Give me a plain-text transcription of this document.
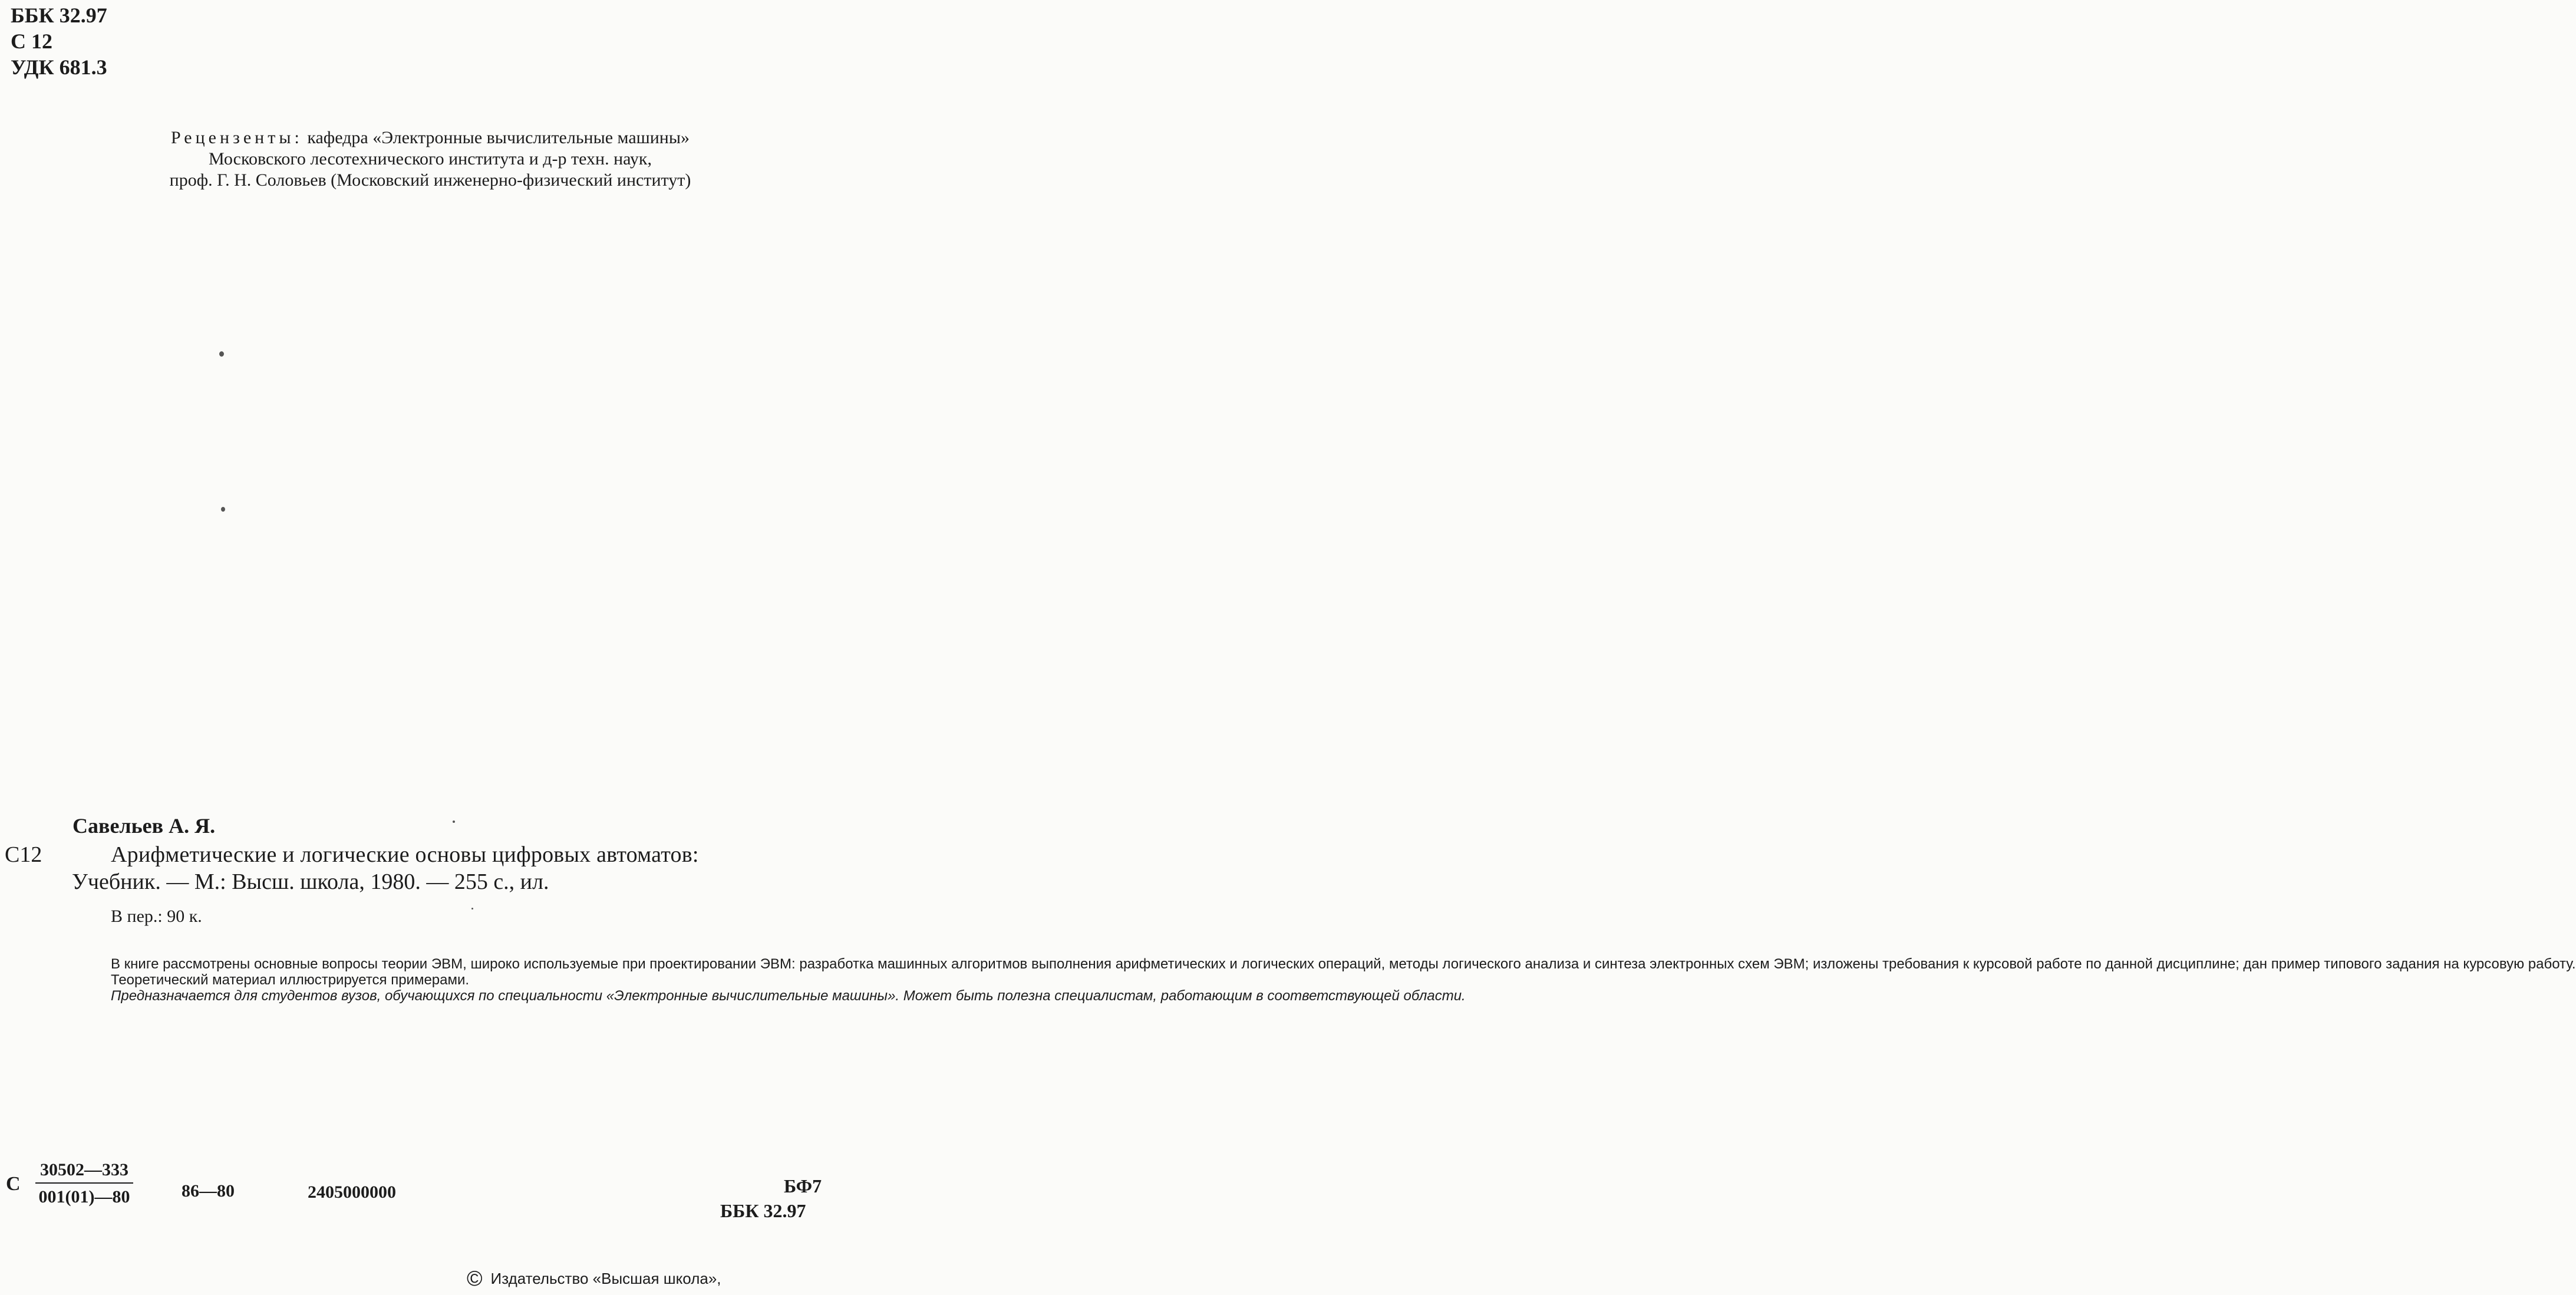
ББК 32.97
С 12
УДК 681.3
Рецензенты: кафедра «Электронные вычислительные машины»
Московского лесотехнического института и д-р техн. наук,
проф. Г. Н. Соловьев (Московский инженерно-физический институт)
Савельев А. Я.
С12	Арифметические и логические основы цифровых автоматов:
Учебник. — М.: Высш. школа, 1980. — 255 с., ил.
В пер.: 90 к.

В книге рассмотрены основные вопросы теории ЭВМ, широко используемые при проектировании ЭВМ: разработка машинных алгоритмов выполнения арифметических и логических операций, методы логического анализа и синтеза электронных схем ЭВМ; изложены требования к курсовой работе по данной дисциплине; дан пример типового задания на курсовую работу.

Теоретический материал иллюстрируется примерами.

Предназначается для студентов вузов, обучающихся по специальности «Электронные вычислительные машины». Может быть полезна специалистам, работающим в соответствующей области.

С $\frac{30502—333}{001(01)—80}$	86—80	2405000000	БФ7
ББК 32.97
© Издательство «Высшая школа»,
